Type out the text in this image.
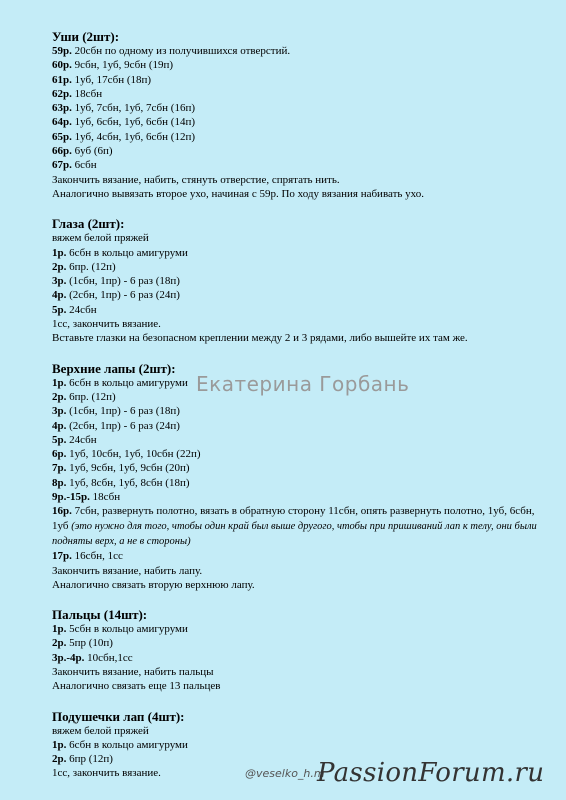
Уши (2шт):
59р. 20сбн по одному из получившихся отверстий.
60р. 9сбн, 1уб, 9сбн (19п)
61р. 1уб, 17сбн (18п)
62р. 18сбн
63р. 1уб, 7сбн, 1уб, 7сбн (16п)
64р. 1уб, 6сбн, 1уб, 6сбн (14п)
65р. 1уб, 4сбн, 1уб, 6сбн (12п)
66р. 6уб (6п)
67р. 6сбн
Закончить вязание, набить, стянуть отверстие, спрятать нить.
Аналогично вывязать второе ухо, начиная с 59р. По ходу вязания набивать ухо.
Глаза (2шт):
вяжем белой пряжей
1р. 6сбн в кольцо амигуруми
2р. 6пр. (12п)
3р. (1сбн, 1пр) - 6 раз (18п)
4р. (2сбн, 1пр) - 6 раз (24п)
5р. 24сбн
1сс, закончить вязание.
Вставьте глазки на безопасном креплении между 2 и 3 рядами, либо вышейте их там же.
Верхние лапы (2шт):
1р. 6сбн в кольцо амигуруми
2р. 6пр. (12п)
3р. (1сбн, 1пр) - 6 раз (18п)
4р. (2сбн, 1пр) - 6 раз (24п)
5р. 24сбн
6р. 1уб, 10сбн, 1уб, 10сбн (22п)
7р. 1уб, 9сбн, 1уб, 9сбн (20п)
8р. 1уб, 8сбн, 1уб, 8сбн (18п)
9р.-15р. 18сбн
16р. 7сбн, развернуть полотно, вязать в обратную сторону 11сбн, опять развернуть полотно, 1уб, 6сбн, 1уб (это нужно для того, чтобы один край был выше другого, чтобы при пришиваний лап к телу, они были подняты верх, а не в стороны)
17р. 16сбн, 1сс
Закончить вязание, набить лапу.
Аналогично связать вторую верхнюю лапу.
Пальцы (14шт):
1р. 5сбн в кольцо амигуруми
2р. 5пр (10п)
3р.-4р. 10сбн,1сс
Закончить вязание, набить пальцы
Аналогично связать еще 13 пальцев
Подушечки лап (4шт):
вяжем белой пряжей
1р. 6сбн в кольцо амигуруми
2р. 6пр (12п)
1сс, закончить вязание.
Екатерина Горбань
@veselko_h.m
PassionForum.ru
